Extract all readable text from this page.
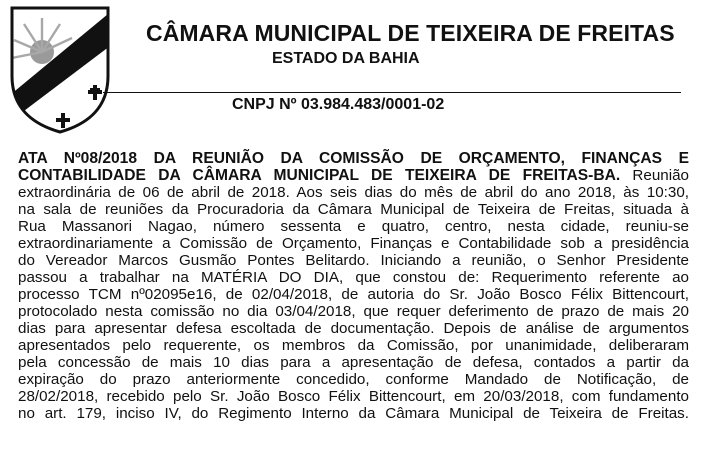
CÂMARA MUNICIPAL DE TEIXEIRA DE FREITAS
ESTADO DA BAHIA
CNPJ Nº 03.984.483/0001-02
ATA Nº08/2018 DA REUNIÃO DA COMISSÃO DE ORÇAMENTO, FINANÇAS E
CONTABILIDADE DA CÂMARA MUNICIPAL DE TEIXEIRA DE FREITAS-BA. Reunião
extraordinária de 06 de abril de 2018. Aos seis dias do mês de abril do ano 2018, às 10:30,
na sala de reuniões da Procuradoria da Câmara Municipal de Teixeira de Freitas, situada à
Rua Massanori Nagao, número sessenta e quatro, centro, nesta cidade, reuniu-se
extraordinariamente a Comissão de Orçamento, Finanças e Contabilidade sob a presidência
do Vereador Marcos Gusmão Pontes Belitardo. Iniciando a reunião, o Senhor Presidente
passou a trabalhar na MATÉRIA DO DIA, que constou de: Requerimento referente ao
processo TCM nº02095e16, de 02/04/2018, de autoria do Sr. João Bosco Félix Bittencourt,
protocolado nesta comissão no dia 03/04/2018, que requer deferimento de prazo de mais 20
dias para apresentar defesa escoltada de documentação. Depois de análise de argumentos
apresentados pelo requerente, os membros da Comissão, por unanimidade, deliberaram
pela concessão de mais 10 dias para a apresentação de defesa, contados a partir da
expiração do prazo anteriormente concedido, conforme Mandado de Notificação, de
28/02/2018, recebido pelo Sr. João Bosco Félix Bittencourt, em 20/03/2018, com fundamento
no art. 179, inciso IV, do Regimento Interno da Câmara Municipal de Teixeira de Freitas.
